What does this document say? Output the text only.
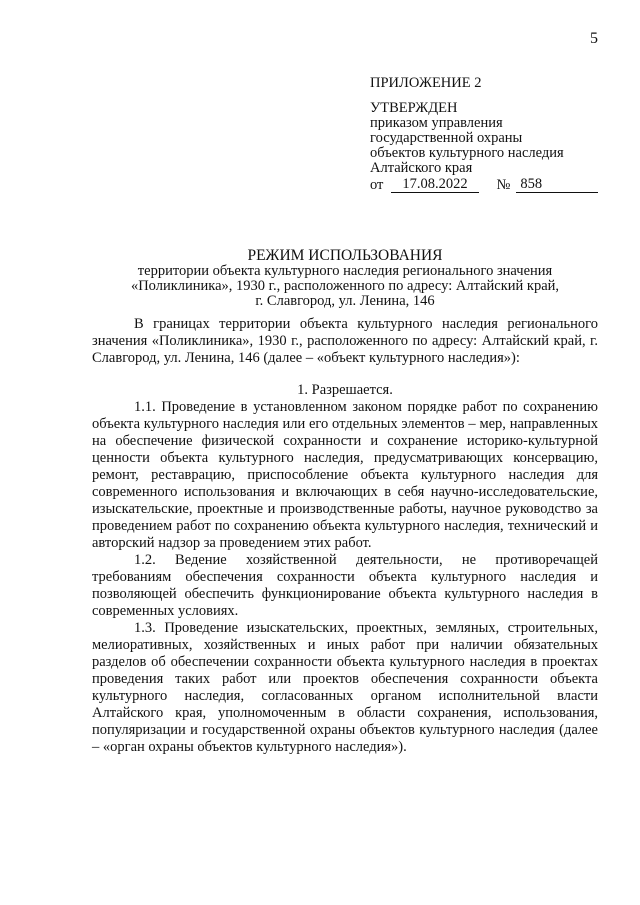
5
ПРИЛОЖЕНИЕ 2
УТВЕРЖДЕН
приказом управления
государственной охраны
объектов культурного наследия
Алтайского края
от	17.08.2022	№ 858
РЕЖИМ ИСПОЛЬЗОВАНИЯ
территории объекта культурного наследия регионального значения
«Поликлиника», 1930 г., расположенного по адресу: Алтайский край,
г. Славгород, ул. Ленина, 146

В границах территории объекта культурного наследия регионального значения «Поликлиника», 1930 г., расположенного по адресу: Алтайский край, г. Славгород, ул. Ленина, 146 (далее – «объект культурного наследия»):

1. Разрешается.

1.1. Проведение в установленном законом порядке работ по сохранению объекта культурного наследия или его отдельных элементов – мер, направленных на обеспечение физической сохранности и сохранение историко-культурной ценности объекта культурного наследия, предусматривающих консервацию, ремонт, реставрацию, приспособление объекта культурного наследия для современного использования и включающих в себя научно-исследовательские, изыскательские, проектные и производственные работы, научное руководство за проведением работ по сохранению объекта культурного наследия, технический и авторский надзор за проведением этих работ.

1.2. Ведение хозяйственной деятельности, не противоречащей требованиям обеспечения сохранности объекта культурного наследия и позволяющей обеспечить функционирование объекта культурного наследия в современных условиях.

1.3. Проведение изыскательских, проектных, земляных, строительных, мелиоративных, хозяйственных и иных работ при наличии обязательных разделов об обеспечении сохранности объекта культурного наследия в проектах проведения таких работ или проектов обеспечения сохранности объекта культурного наследия, согласованных органом исполнительной власти Алтайского края, уполномоченным в области сохранения, использования, популяризации и государственной охраны объектов культурного наследия (далее – «орган охраны объектов культурного наследия»).
